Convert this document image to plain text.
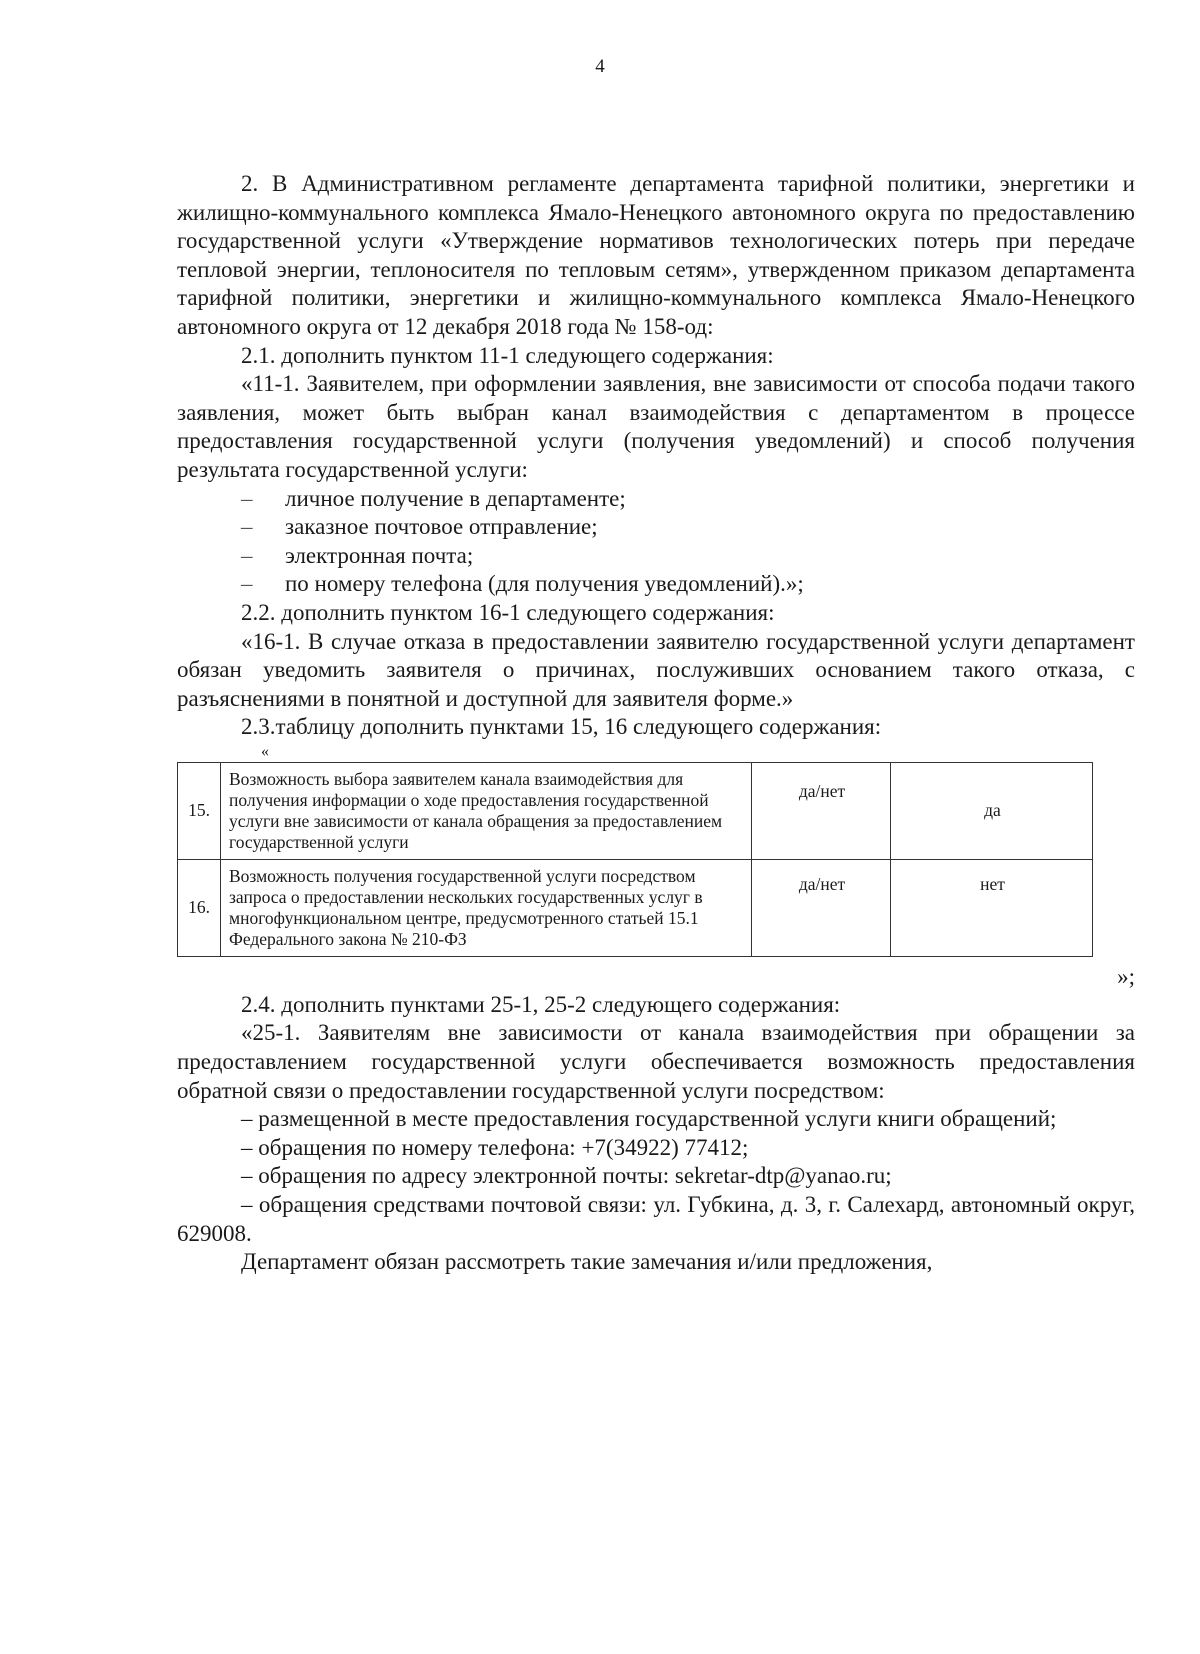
4

2. В Административном регламенте департамента тарифной политики, энергетики и жилищно-коммунального комплекса Ямало-Ненецкого автономного округа по предоставлению государственной услуги «Утверждение нормативов технологических потерь при передаче тепловой энергии, теплоносителя по тепловым сетям», утвержденном приказом департамента тарифной политики, энергетики и жилищно-коммунального комплекса Ямало-Ненецкого автономного округа от 12 декабря 2018 года № 158-од:

2.1. дополнить пунктом 11-1 следующего содержания:

«11-1. Заявителем, при оформлении заявления, вне зависимости от способа подачи такого заявления, может быть выбран канал взаимодействия с департаментом в процессе предоставления государственной услуги (получения уведомлений) и способ получения результата государственной услуги:

–	личное получение в департаменте;
–	заказное почтовое отправление;
–	электронная почта;
–	по номеру телефона (для получения уведомлений).»;

2.2. дополнить пунктом 16-1 следующего содержания:

«16-1. В случае отказа в предоставлении заявителю государственной услуги департамент обязан уведомить заявителя о причинах, послуживших основанием такого отказа, с разъяснениями в понятной и доступной для заявителя форме.»

2.3.таблицу дополнить пунктами 15, 16 следующего содержания:

«
15.	Возможность выбора заявителем канала взаимодействия для получения информации о ходе предоставления государственной услуги вне зависимости от канала обращения за предоставлением государственной услуги	да/нет	да
16.	Возможность получения государственной услуги посредством запроса о предоставлении нескольких государственных услуг в многофункциональном центре, предусмотренного статьей 15.1 Федерального закона № 210-ФЗ	да/нет	нет
»;

2.4. дополнить пунктами 25-1, 25-2 следующего содержания:

«25-1. Заявителям вне зависимости от канала взаимодействия при обращении за предоставлением государственной услуги обеспечивается возможность предоставления обратной связи о предоставлении государственной услуги посредством:

– размещенной в месте предоставления государственной услуги книги обращений;

– обращения по номеру телефона: +7(34922) 77412;

– обращения по адресу электронной почты: sekretar-dtp@yanao.ru;

– обращения средствами почтовой связи: ул. Губкина, д. 3, г. Салехард, автономный округ, 629008.

Департамент обязан рассмотреть такие замечания и/или предложения,
